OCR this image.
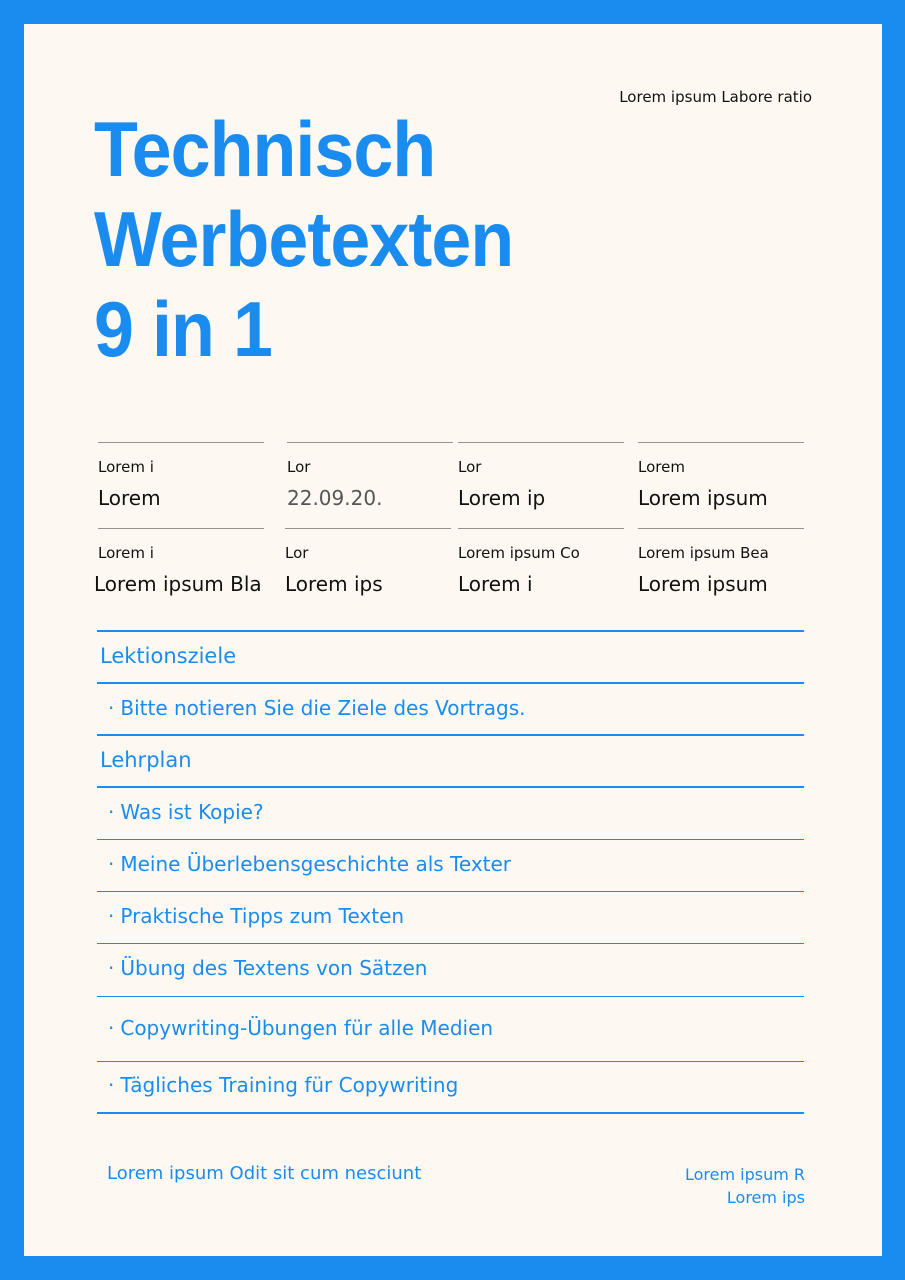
Lorem ipsum Labore ratio
Technisch
Werbetexten
9 in 1
Lorem i
Lorem
Lor
22.09.20.
Lor
Lorem ip
Lorem
Lorem ipsum
Lorem i
Lorem ipsum Bla
Lor
Lorem ips
Lorem ipsum Co
Lorem i
Lorem ipsum Bea
Lorem ipsum
Lektionsziele
· Bitte notieren Sie die Ziele des Vortrags.
Lehrplan
· Was ist Kopie?
· Meine Überlebensgeschichte als Texter
· Praktische Tipps zum Texten
· Übung des Textens von Sätzen
· Copywriting-Übungen für alle Medien
· Tägliches Training für Copywriting
Lorem ipsum Odit sit cum nesciunt	Lorem ipsum R
Lorem ips
